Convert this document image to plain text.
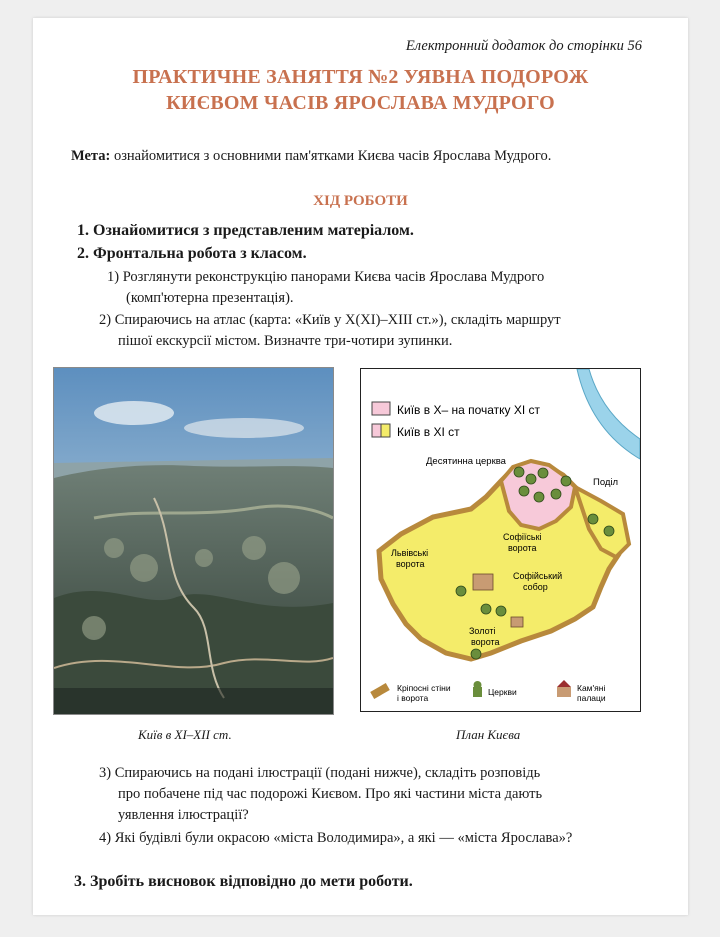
Електронний додаток до сторінки 56
ПРАКТИЧНЕ ЗАНЯТТЯ №2 УЯВНА ПОДОРОЖ
КИЄВОМ ЧАСІВ ЯРОСЛАВА МУДРОГО
Мета: ознайомитися з основними пам'ятками Києва часів Ярослава Мудрого.
ХІД РОБОТИ
1. Ознайомитися з представленим матеріалом.
2. Фронтальна робота з класом.
1) Розглянути реконструкцію панорами Києва часів Ярослава Мудрого
(комп'ютерна презентація).
2) Спираючись на атлас (карта: «Київ у Х(ХІ)–ХІІІ ст.»), складіть маршрут
пішої екскурсії містом. Визначте три-чотири зупинки.
Київ в Х– на початку ХІ ст
Київ в ХІ ст
Десятинна церква
Поділ
Софіїські
ворота
Львівські
ворота
Софійський
собор
Золоті
ворота
Кріпосні стіни
і ворота
Церкви	Кам'яні
палаци
Київ в ХІ–ХІІ ст.	План Києва
3) Спираючись на подані ілюстрації (подані нижче), складіть розповідь
про побачене під час подорожі Києвом. Про які частини міста дають
уявлення ілюстрації?
4) Які будівлі були окрасою «міста Володимира», а які — «міста Ярослава»?
3. Зробіть висновок відповідно до мети роботи.
